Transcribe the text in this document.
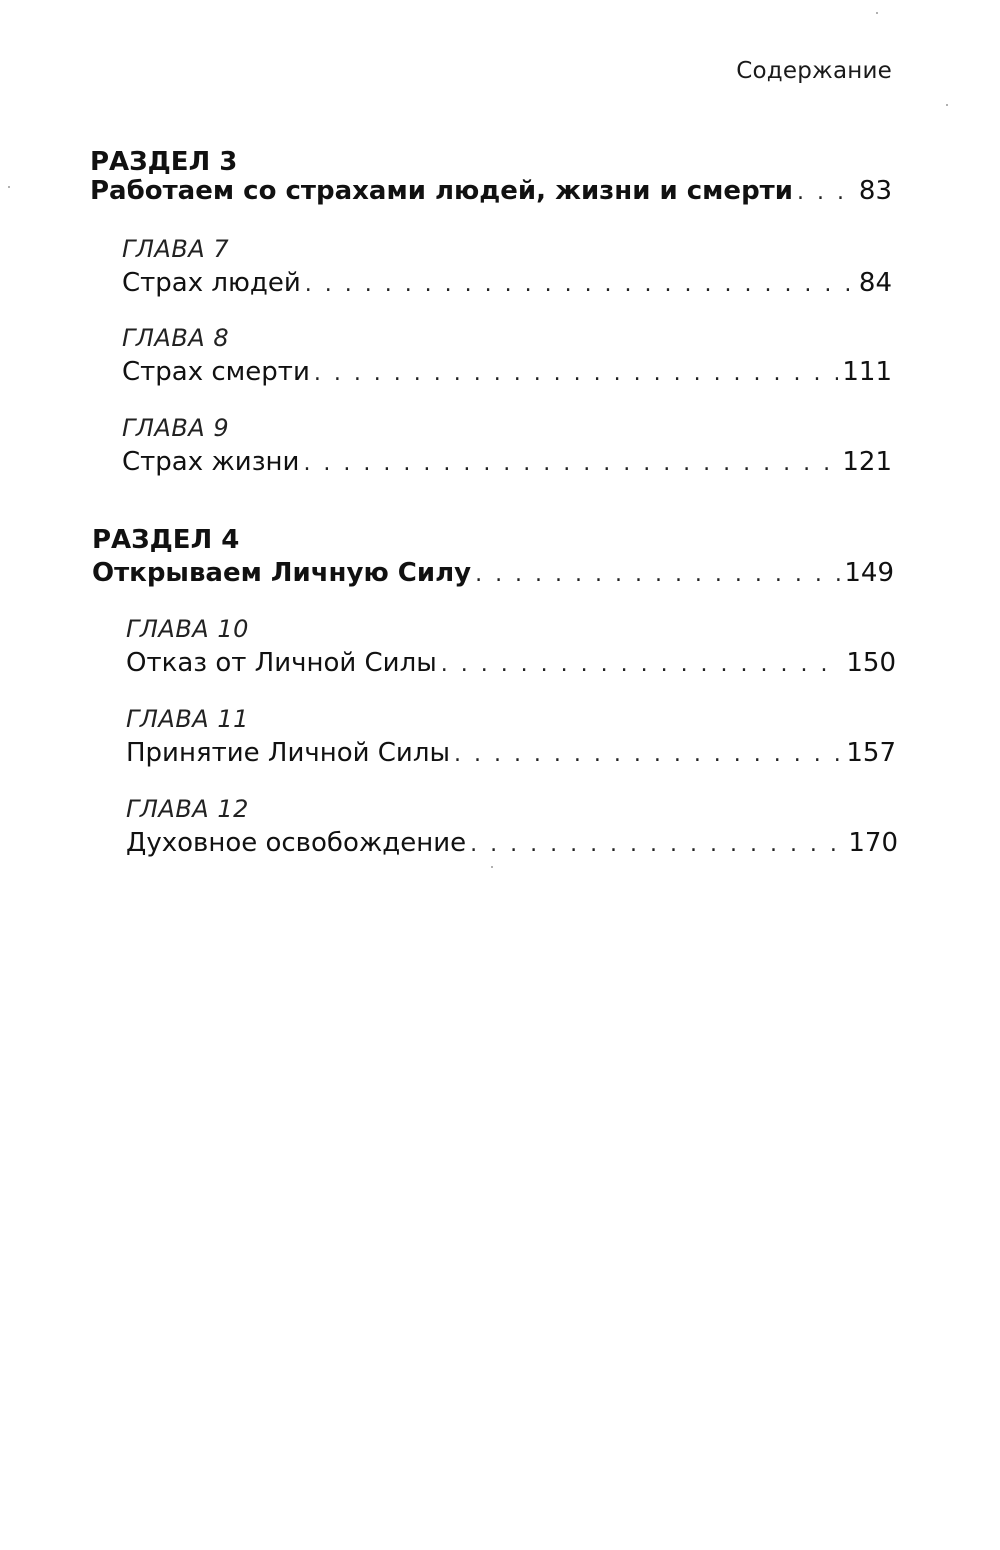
Содержание
РАЗДЕЛ 3
Работаем со страхами людей, жизни и смерти . . .	83
ГЛАВА 7
Страх людей . . .	84
ГЛАВА 8
Страх смерти . . .	111
ГЛАВА 9
Страх жизни . . .	121
РАЗДЕЛ 4
Открываем Личную Силу . . .	149
ГЛАВА 10
Отказ от Личной Силы . . .	150
ГЛАВА 11
Принятие Личной Силы . . .	157
ГЛАВА 12
Духовное освобождение . . .	170
